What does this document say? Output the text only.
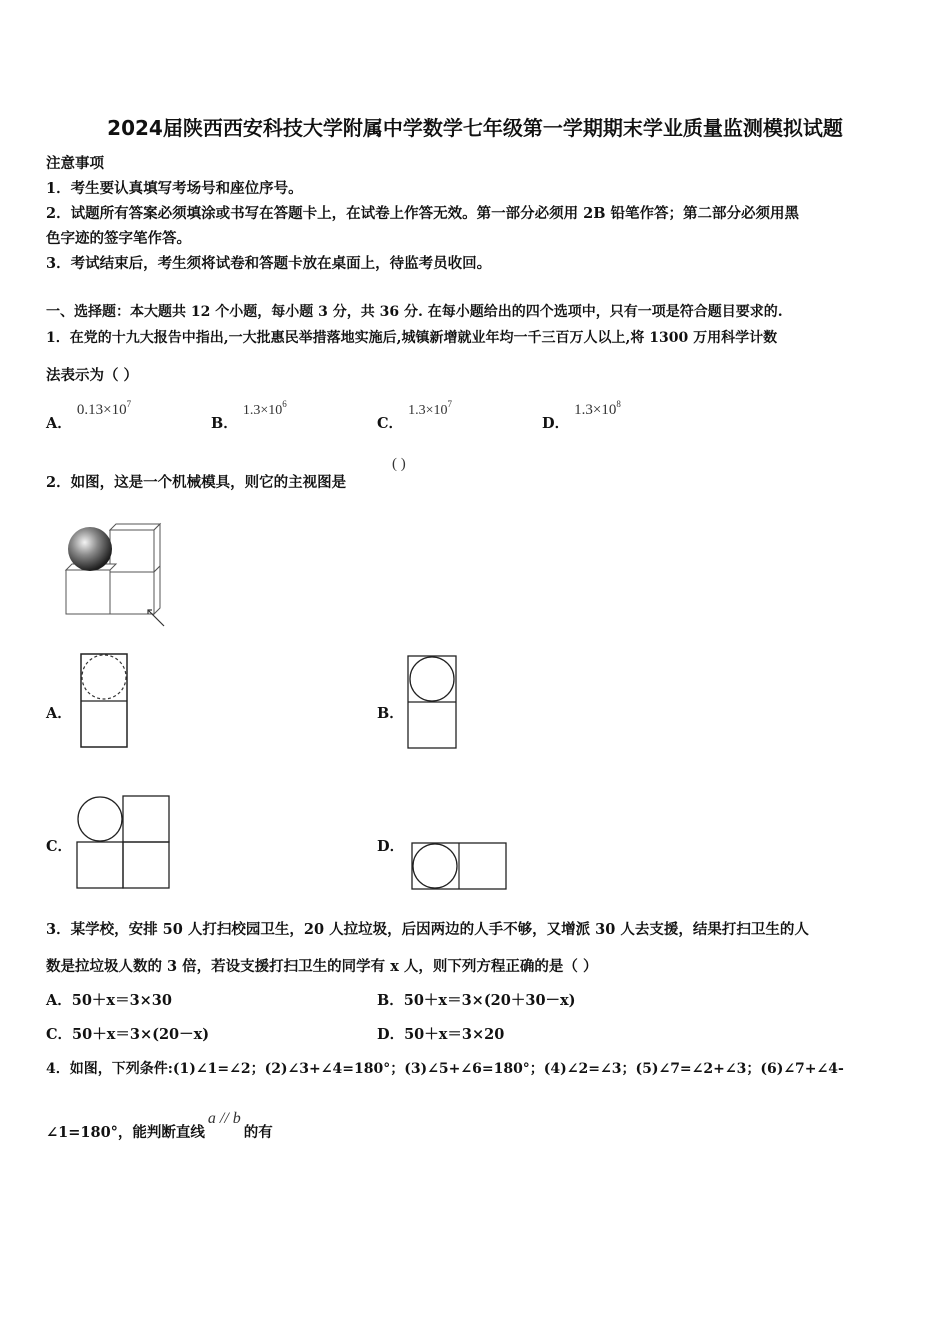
2024届陕西西安科技大学附属中学数学七年级第一学期期末学业质量监测模拟试题
注意事项
1．考生要认真填写考场号和座位序号。
2．试题所有答案必须填涂或书写在答题卡上，在试卷上作答无效。第一部分必须用 2B 铅笔作答；第二部分必须用黑
色字迹的签字笔作答。
3．考试结束后，考生须将试卷和答题卡放在桌面上，待监考员收回。
一、选择题：本大题共 12 个小题，每小题 3 分，共 36 分. 在每小题给出的四个选项中，只有一项是符合题目要求的.
1．在党的十九大报告中指出,一大批惠民举措落地实施后,城镇新增就业年均一千三百万人以上,将 1300 万用科学计数
法表示为（ ）
A． $0.13\times 10^7$
B． $1.3\times 10^6$
C． $1.3\times 10^7$
D． $1.3\times 10^8$
2．如图，这是一个机械模具，则它的主视图是
( )
A．	B．
C．	D．
3．某学校，安排 50 人打扫校园卫生，20 人拉垃圾，后因两边的人手不够，又增派 30 人去支援，结果打扫卫生的人
数是拉垃圾人数的 3 倍，若设支援打扫卫生的同学有 x 人，则下列方程正确的是（ ）
A．50＋x＝3×30	B．50＋x＝3×(20＋30－x)
C．50＋x＝3×(20－x)	D．50＋x＝3×20
4．如图，下列条件:(1)∠1=∠2；(2)∠3+∠4=180°；(3)∠5+∠6=180°；(4)∠2=∠3；(5)∠7=∠2+∠3；(6)∠7+∠4-
∠1=180°，能判断直线a // b的有
